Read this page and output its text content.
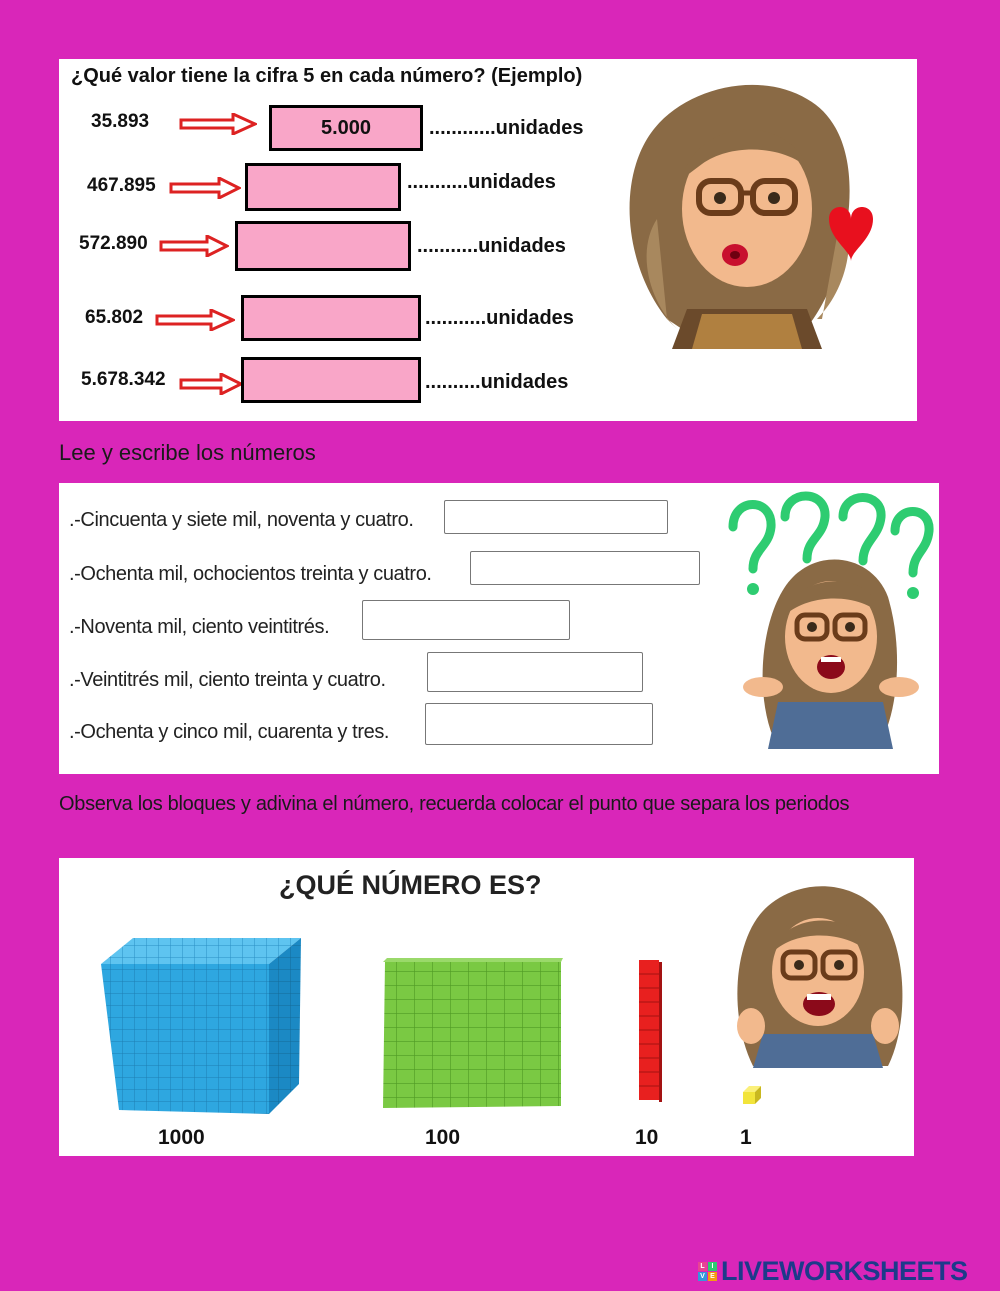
¿Qué valor tiene la cifra 5 en cada número? (Ejemplo)
35.893	5.000	............unidades
467.895	...........unidades
572.890	...........unidades
65.802	...........unidades
5.678.342	..........unidades
Lee y escribe los números
.-Cincuenta y siete mil, noventa y cuatro.
.-Ochenta mil, ochocientos treinta y cuatro.
.-Noventa mil, ciento veintitrés.
.-Veintitrés mil, ciento treinta y cuatro.
.-Ochenta y cinco mil, cuarenta y tres.
Observa los bloques y adivina el número, recuerda colocar el punto que separa los periodos
¿QUÉ NÚMERO ES?
1000	100	10	1
L I
V E LIVEWORKSHEETS
